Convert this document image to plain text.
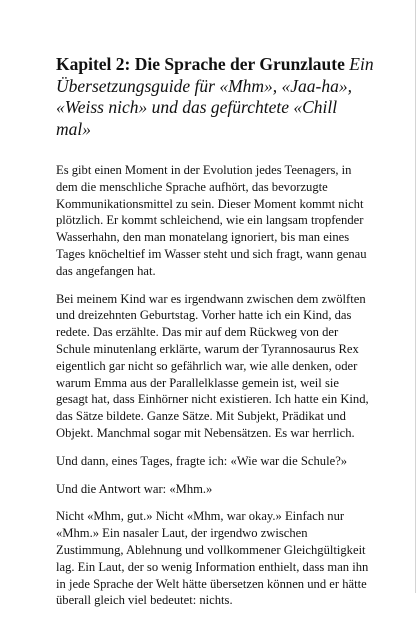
Kapitel 2: Die Sprache der Grunzlaute Ein Übersetzungsguide für «Mhm», «Jaa-ha», «Weiss nich» und das gefürchtete «Chill mal»

Es gibt einen Moment in der Evolution jedes Teenagers, in dem die menschliche Sprache aufhört, das bevorzugte Kommunikationsmittel zu sein. Dieser Moment kommt nicht plötzlich. Er kommt schleichend, wie ein langsam tropfender Wasserhahn, den man monatelang ignoriert, bis man eines Tages knöcheltief im Wasser steht und sich fragt, wann genau das angefangen hat.

Bei meinem Kind war es irgendwann zwischen dem zwölften und dreizehnten Geburtstag. Vorher hatte ich ein Kind, das redete. Das erzählte. Das mir auf dem Rückweg von der Schule minutenlang erklärte, warum der Tyrannosaurus Rex eigentlich gar nicht so gefährlich war, wie alle denken, oder warum Emma aus der Parallelklasse gemein ist, weil sie gesagt hat, dass Einhörner nicht existieren. Ich hatte ein Kind, das Sätze bildete. Ganze Sätze. Mit Subjekt, Prädikat und Objekt. Manchmal sogar mit Nebensätzen. Es war herrlich.

Und dann, eines Tages, fragte ich: «Wie war die Schule?»

Und die Antwort war: «Mhm.»

Nicht «Mhm, gut.» Nicht «Mhm, war okay.» Einfach nur «Mhm.» Ein nasaler Laut, der irgendwo zwischen Zustimmung, Ablehnung und vollkommener Gleichgültigkeit lag. Ein Laut, der so wenig Information enthielt, dass man ihn in jede Sprache der Welt hätte übersetzen können und er hätte überall gleich viel bedeutet: nichts.
